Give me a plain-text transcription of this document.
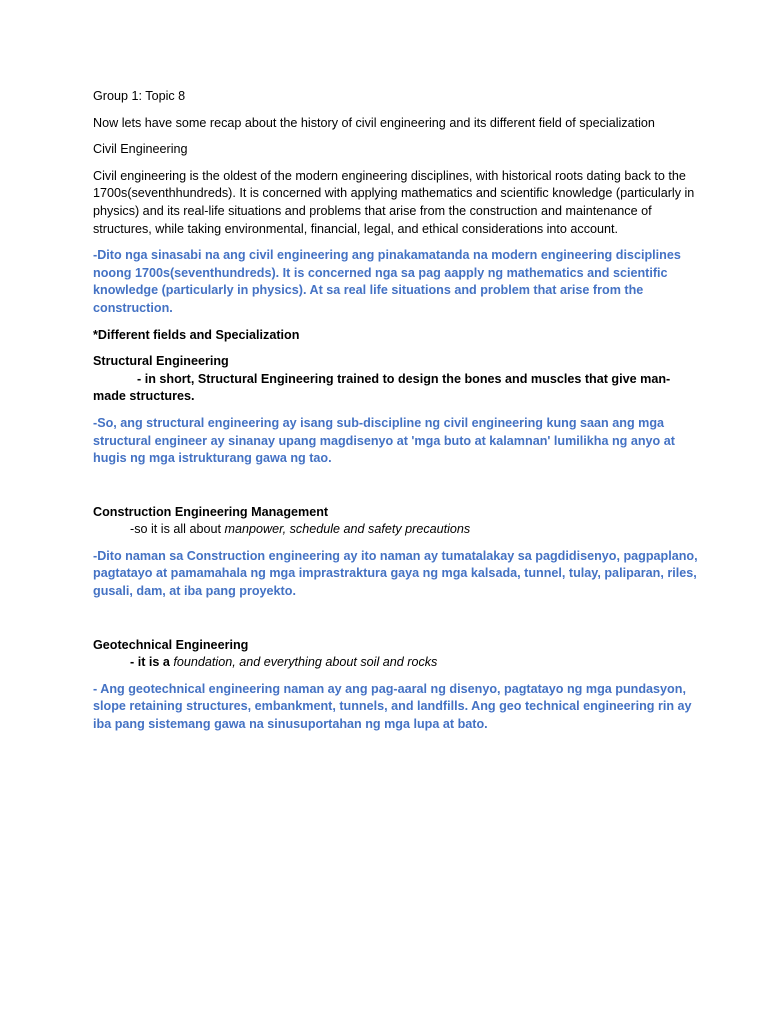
Group 1: Topic 8

Now lets have some recap about the history of civil engineering and its different field of specialization

Civil Engineering

Civil engineering is the oldest of the modern engineering disciplines, with historical roots dating back to the 1700s(seventhhundreds). It is concerned with applying mathematics and scientific knowledge (particularly in physics) and its real-life situations and problems that arise from the construction and maintenance of structures, while taking environmental, financial, legal, and ethical considerations into account.

-Dito nga sinasabi na ang civil engineering ang pinakamatanda na modern engineering disciplines noong 1700s(seventhundreds). It is concerned nga sa pag aapply ng mathematics and scientific knowledge (particularly in physics). At sa real life situations and problem that arise from the construction.

*Different fields and Specialization

Structural Engineering

- in short, Structural Engineering trained to design the bones and muscles that give man-made structures.

-So, ang structural engineering ay isang sub-discipline ng civil engineering kung saan ang mga structural engineer ay sinanay upang magdisenyo at 'mga buto at kalamnan' lumilikha ng anyo at hugis ng mga istrukturang gawa ng tao.

Construction Engineering Management

-so it is all about manpower, schedule and safety precautions

-Dito naman sa Construction engineering ay ito naman ay tumatalakay sa pagdidisenyo, pagpaplano, pagtatayo at pamamahala ng mga imprastraktura gaya ng mga kalsada, tunnel, tulay, paliparan, riles, gusali, dam, at iba pang proyekto.

Geotechnical Engineering

- it is a foundation, and everything about soil and rocks

- Ang geotechnical engineering naman ay ang pag-aaral ng disenyo, pagtatayo ng mga pundasyon, slope retaining structures, embankment, tunnels, and landfills. Ang geo technical engineering rin ay iba pang sistemang gawa na sinusuportahan ng mga lupa at bato.
